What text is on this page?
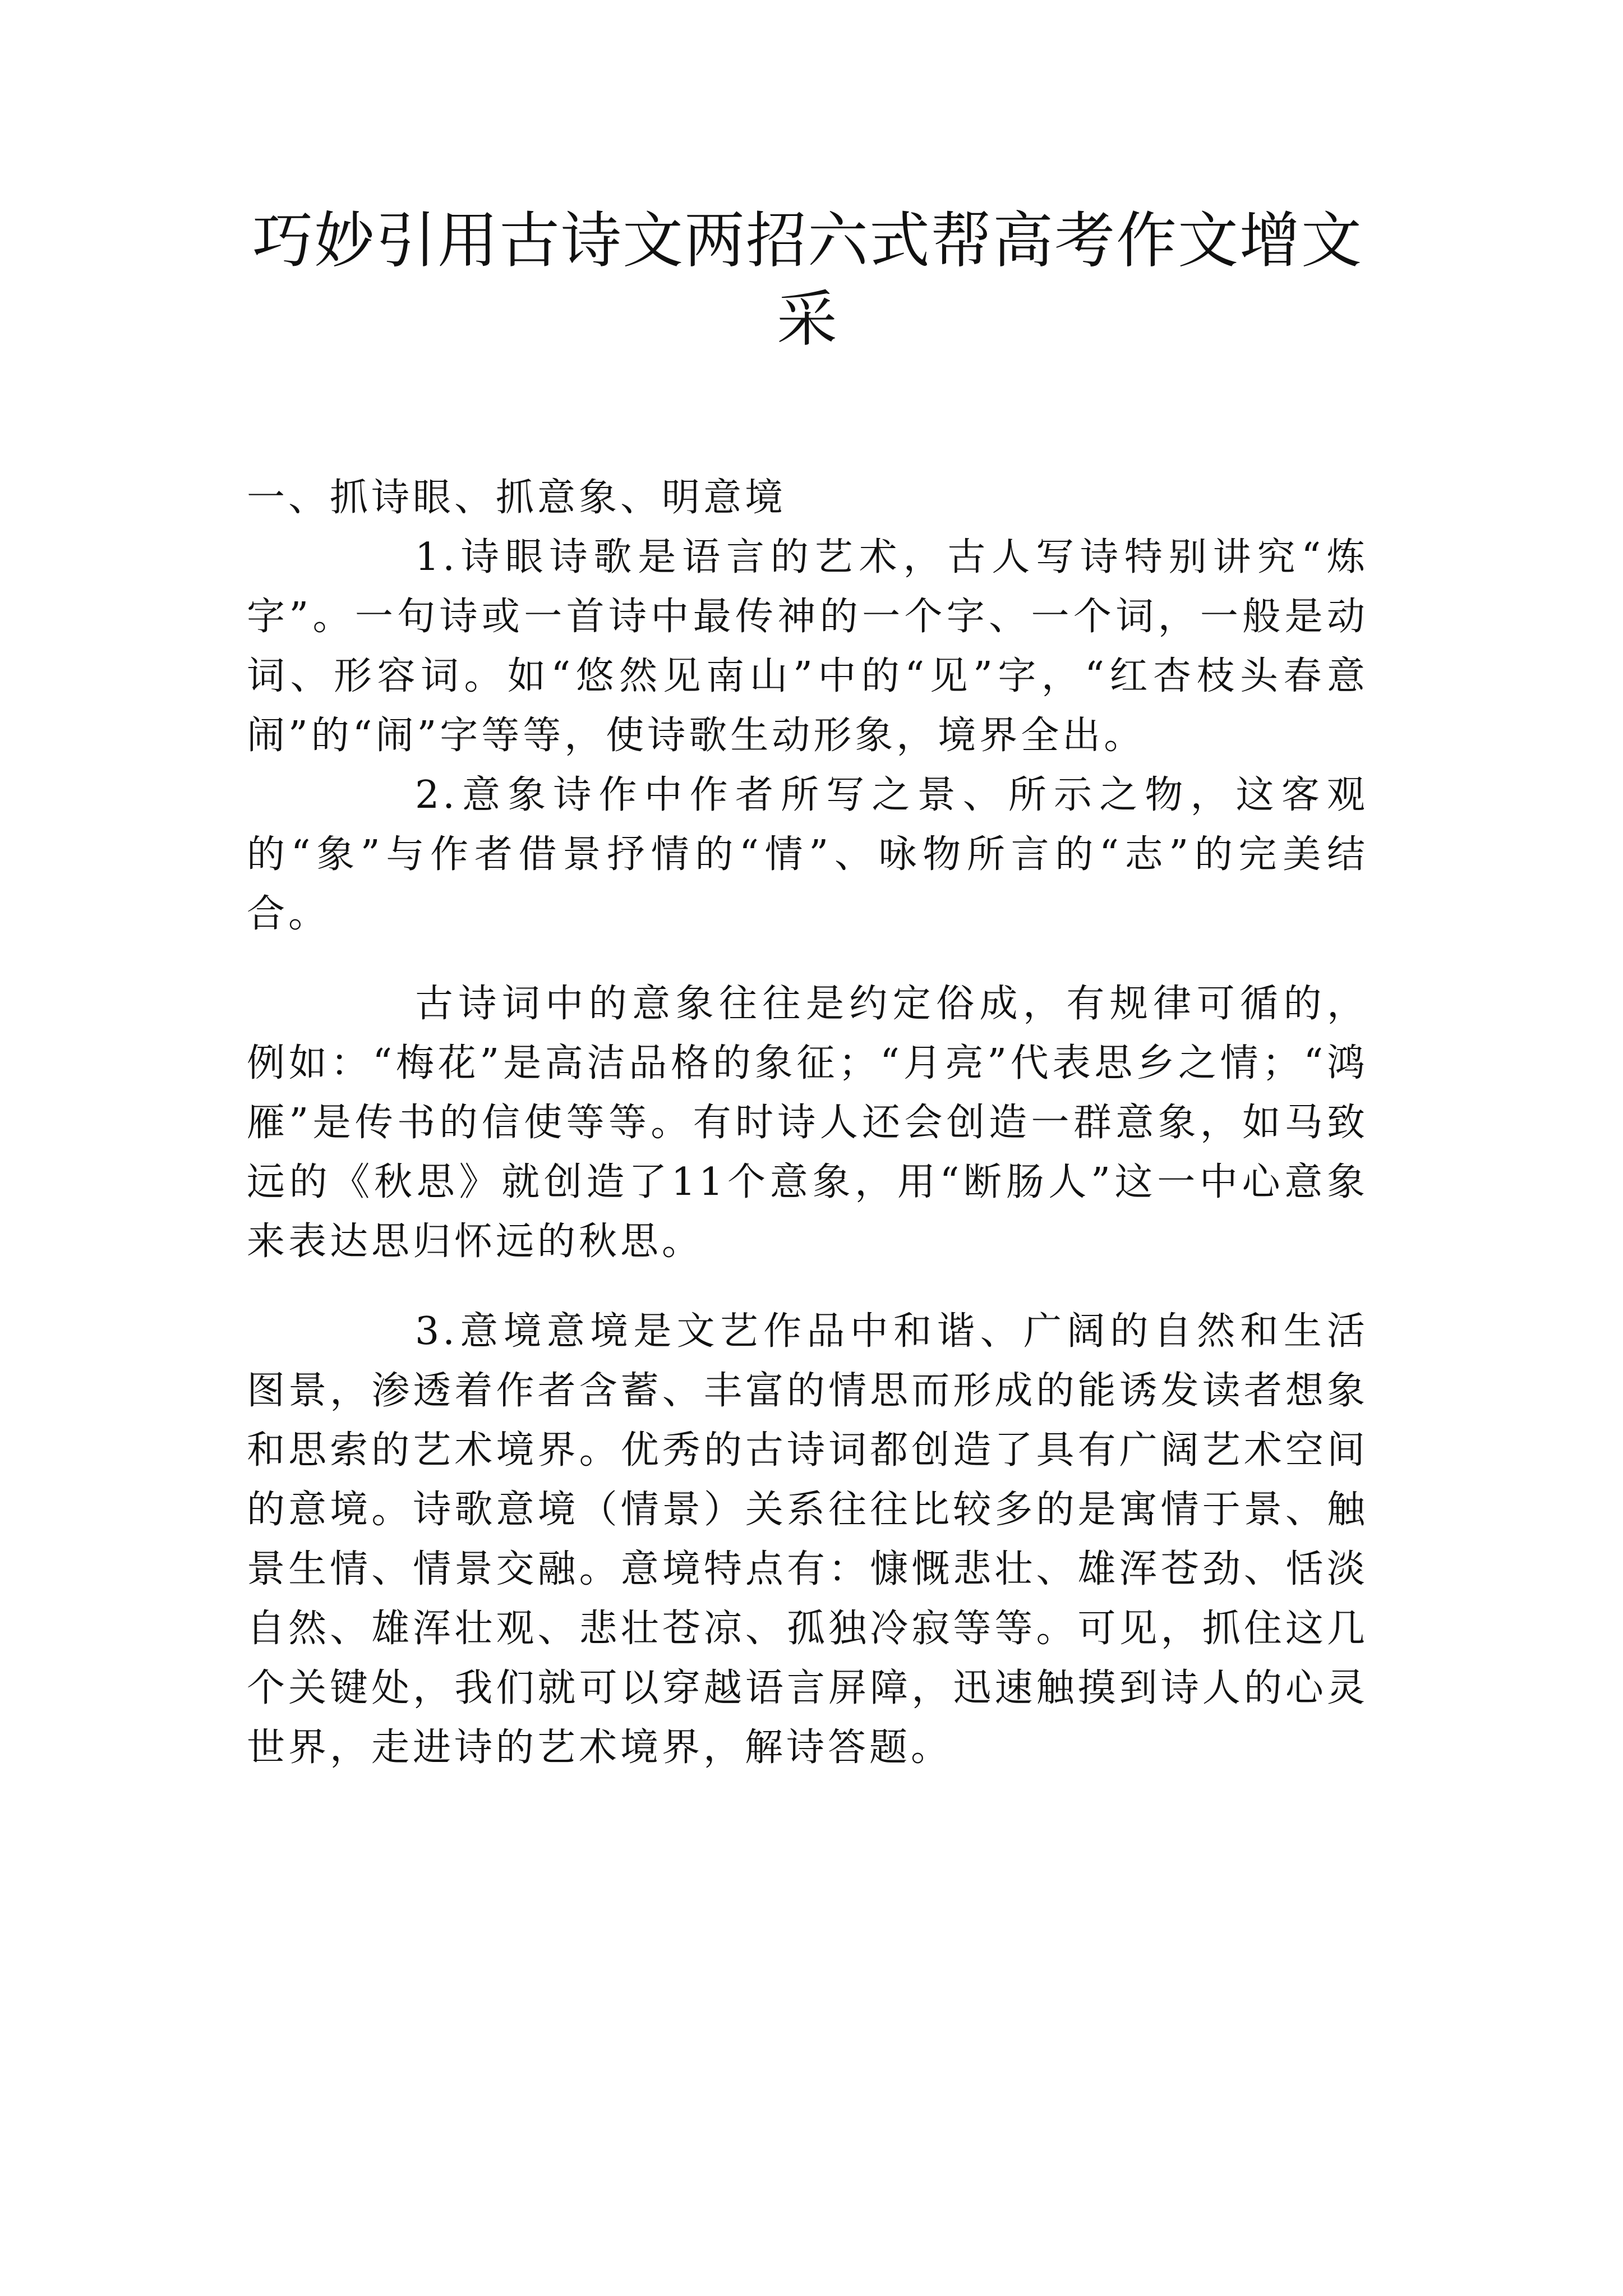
巧妙引用古诗文两招六式帮高考作文增文采

一、抓诗眼、抓意象、明意境

1.诗眼诗歌是语言的艺术，古人写诗特别讲究“炼字”。一句诗或一首诗中最传神的一个字、一个词，一般是动词、形容词。如“悠然见南山”中的“见”字，“红杏枝头春意闹”的“闹”字等等，使诗歌生动形象，境界全出。

2.意象诗作中作者所写之景、所示之物，这客观的“象”与作者借景抒情的“情”、咏物所言的“志”的完美结合。

古诗词中的意象往往是约定俗成，有规律可循的，例如：“梅花”是高洁品格的象征；“月亮”代表思乡之情；“鸿雁”是传书的信使等等。有时诗人还会创造一群意象，如马致远的《秋思》就创造了11个意象，用“断肠人”这一中心意象来表达思归怀远的秋思。

3.意境意境是文艺作品中和谐、广阔的自然和生活图景，渗透着作者含蓄、丰富的情思而形成的能诱发读者想象和思索的艺术境界。优秀的古诗词都创造了具有广阔艺术空间的意境。诗歌意境（情景）关系往往比较多的是寓情于景、触景生情、情景交融。意境特点有：慷慨悲壮、雄浑苍劲、恬淡自然、雄浑壮观、悲壮苍凉、孤独冷寂等等。可见，抓住这几个关键处，我们就可以穿越语言屏障，迅速触摸到诗人的心灵世界，走进诗的艺术境界，解诗答题。
